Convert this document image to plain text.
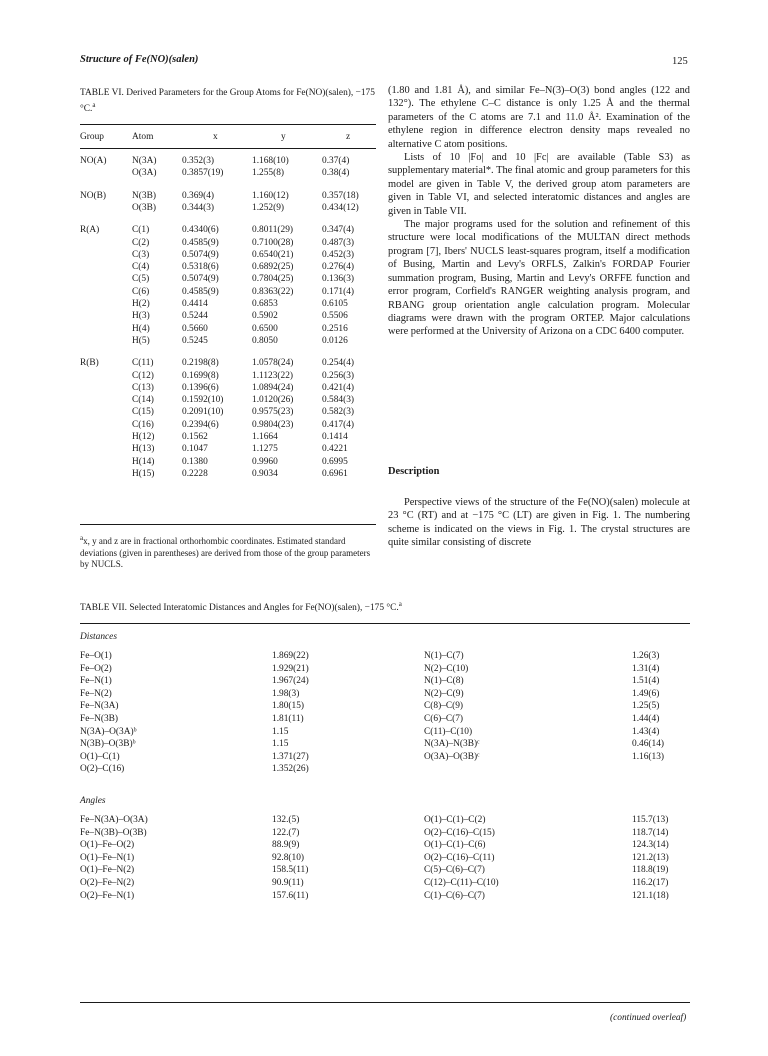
Structure of Fe(NO)(salen)	125
TABLE VI. Derived Parameters for the Group Atoms for Fe(NO)(salen), −175 °C.$^a$
Group	Atom	x	y	z
NO(A)	N(3A)	0.352(3)	1.168(10)	0.37(4)
O(3A)	0.3857(19)	1.255(8)	0.38(4)
NO(B)	N(3B)	0.369(4)	1.160(12)	0.357(18)
O(3B)	0.344(3)	1.252(9)	0.434(12)
R(A)	C(1)	0.4340(6)	0.8011(29)	0.347(4)
C(2)	0.4585(9)	0.7100(28)	0.487(3)
C(3)	0.5074(9)	0.6540(21)	0.452(3)
C(4)	0.5318(6)	0.6892(25)	0.276(4)
C(5)	0.5074(9)	0.7804(25)	0.136(3)
C(6)	0.4585(9)	0.8363(22)	0.171(4)
H(2)	0.4414	0.6853	0.6105
H(3)	0.5244	0.5902	0.5506
H(4)	0.5660	0.6500	0.2516
H(5)	0.5245	0.8050	0.0126
R(B)	C(11)	0.2198(8)	1.0578(24)	0.254(4)
C(12)	0.1699(8)	1.1123(22)	0.256(3)
C(13)	0.1396(6)	1.0894(24)	0.421(4)
C(14)	0.1592(10)	1.0120(26)	0.584(3)
C(15)	0.2091(10)	0.9575(23)	0.582(3)
C(16)	0.2394(6)	0.9804(23)	0.417(4)
H(12)	0.1562	1.1664	0.1414
H(13)	0.1047	1.1275	0.4221
H(14)	0.1380	0.9960	0.6995
H(15)	0.2228	0.9034	0.6961
$^a$x, y and z are in fractional orthorhombic coordinates. Estimated standard deviations (given in parentheses) are derived from those of the group parameters by NUCLS.

(1.80 and 1.81 Å), and similar Fe–N(3)–O(3) bond angles (122 and 132°). The ethylene C–C distance is only 1.25 Å and the thermal parameters of the C atoms are 7.1 and 11.0 Å². Examination of the ethylene region in difference electron density maps revealed no alternative C atom positions.

Lists of 10 |Fo| and 10 |Fc| are available (Table S3) as supplementary material*. The final atomic and group parameters for this model are given in Table V, the derived group atom parameters are given in Table VI, and selected interatomic distances and angles are given in Table VII.

The major programs used for the solution and refinement of this structure were local modifications of the MULTAN direct methods program [7], Ibers' NUCLS least-squares program, itself a modification of Busing, Martin and Levy's ORFLS, Zalkin's FORDAP Fourier summation program, Busing, Martin and Levy's ORFFE function and error program, Corfield's RANGER weighting analysis program, and RBANG group orientation angle calculation program. Molecular diagrams were drawn with the program ORTEP. Major calculations were performed at the University of Arizona on a CDC 6400 computer.

Description

Perspective views of the structure of the Fe(NO)(salen) molecule at 23 °C (RT) and at −175 °C (LT) are given in Fig. 1. The numbering scheme is indicated on the views in Fig. 1. The crystal structures are quite similar consisting of discrete

TABLE VII. Selected Interatomic Distances and Angles for Fe(NO)(salen), −175 °C.$^a$
Distances
Fe–O(1)	1.869(22)	N(1)–C(7)	1.26(3)
Fe–O(2)	1.929(21)	N(2)–C(10)	1.31(4)
Fe–N(1)	1.967(24)	N(1)–C(8)	1.51(4)
Fe–N(2)	1.98(3)	N(2)–C(9)	1.49(6)
Fe–N(3A)	1.80(15)	C(8)–C(9)	1.25(5)
Fe–N(3B)	1.81(11)	C(6)–C(7)	1.44(4)
N(3A)–O(3A)ᵇ	1.15	C(11)–C(10)	1.43(4)
N(3B)–O(3B)ᵇ	1.15	N(3A)–N(3B)ᶜ	0.46(14)
O(1)–C(1)	1.371(27)	O(3A)–O(3B)ᶜ	1.16(13)
O(2)–C(16)	1.352(26)
Angles
Fe–N(3A)–O(3A)	132.(5)	O(1)–C(1)–C(2)	115.7(13)
Fe–N(3B)–O(3B)	122.(7)	O(2)–C(16)–C(15)	118.7(14)
O(1)–Fe–O(2)	88.9(9)	O(1)–C(1)–C(6)	124.3(14)
O(1)–Fe–N(1)	92.8(10)	O(2)–C(16)–C(11)	121.2(13)
O(1)–Fe–N(2)	158.5(11)	C(5)–C(6)–C(7)	118.8(19)
O(2)–Fe–N(2)	90.9(11)	C(12)–C(11)–C(10)	116.2(17)
O(2)–Fe–N(1)	157.6(11)	C(1)–C(6)–C(7)	121.1(18)
(continued overleaf)
